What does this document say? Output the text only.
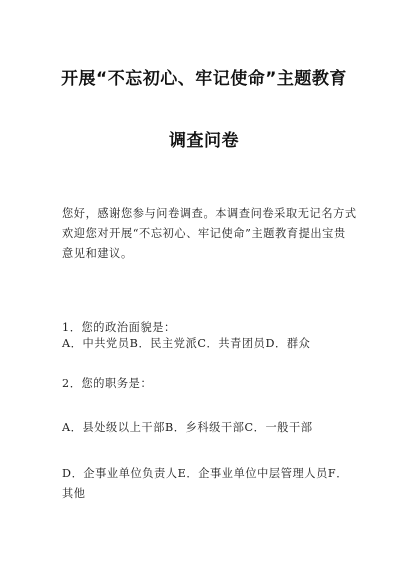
开展“不忘初心、牢记使命”主题教育
调查问卷
您好，感谢您参与问卷调查。本调查问卷采取无记名方式
欢迎您对开展“不忘初心、牢记使命”主题教育提出宝贵
意见和建议。
1．您的政治面貌是：
A．中共党员B．民主党派C．共青团员D．群众
2．您的职务是：
A．县处级以上干部B．乡科级干部C．一般干部
D．企事业单位负责人E．企事业单位中层管理人员F．
其他
